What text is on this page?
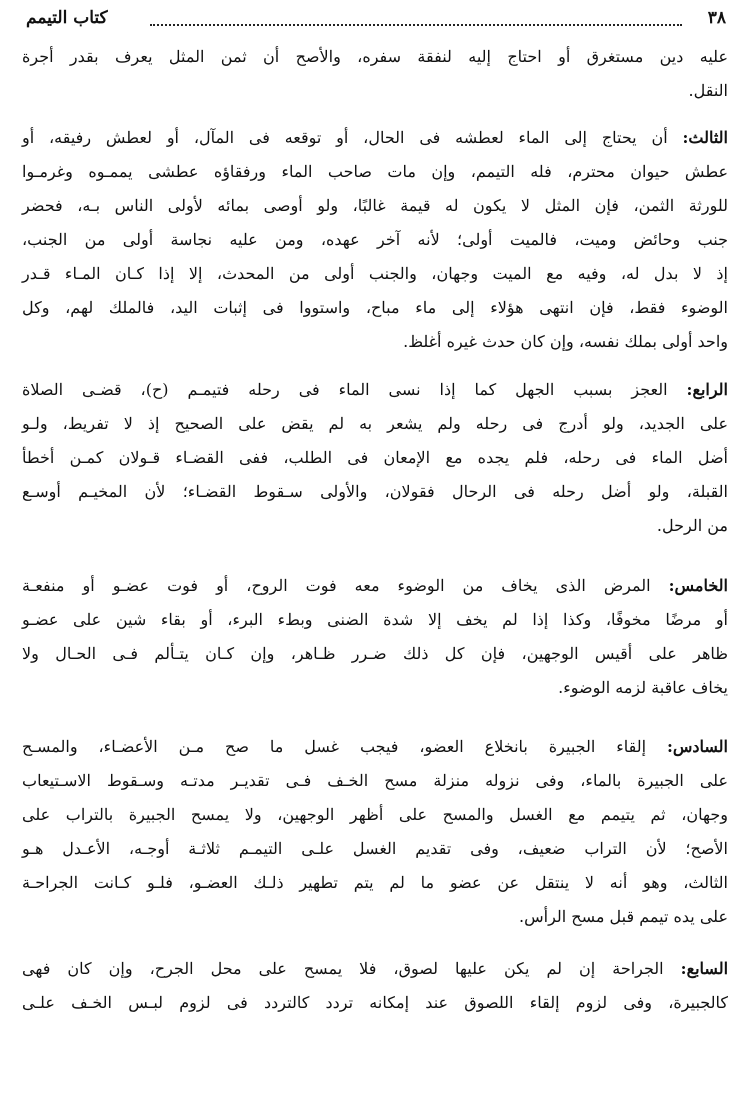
٣٨
كتاب التيمم
عليه دين مستغرق أو احتاج إليه لنفقة سفره، والأصح أن ثمن المثل يعرف بقدر أجرة
النقل.
الثالث: أن يحتاج إلى الماء لعطشه فى الحال، أو توقعه فى المآل، أو لعطش رفيقه، أو
عطش حيوان محترم، فله التيمم، وإن مات صاحب الماء ورفقاؤه عطشى يممـوه وغرمـوا
للورثة الثمن، فإن المثل لا يكون له قيمة غالبًا، ولو أوصى بمائه لأولى الناس بـه، فحضر
جنب وحائض وميت، فالميت أولى؛ لأنه آخر عهده، ومن عليه نجاسة أولى من الجنب،
إذ لا بدل له، وفيه مع الميت وجهان، والجنب أولى من المحدث، إلا إذا كـان المـاء قـدر
الوضوء فقط، فإن انتهى هؤلاء إلى ماء مباح، واستووا فى إثبات اليد، فالملك لهم، وكل
واحد أولى بملك نفسه، وإن كان حدث غيره أغلظ.
الرابع: العجز بسبب الجهل كما إذا نسى الماء فى رحله فتيمـم (ح)، قضـى الصلاة
على الجديد، ولو أدرج فى رحله ولم يشعر به لم يقض على الصحيح إذ لا تفريط، ولـو
أضل الماء فى رحله، فلم يجده مع الإمعان فى الطلب، ففى القضـاء قـولان كمـن أخطأ
القبلة، ولو أضل رحله فى الرحال فقولان، والأولى سـقوط القضـاء؛ لأن المخيـم أوسـع
من الرحل.
الخامس: المرض الذى يخاف من الوضوء معه فوت الروح، أو فوت عضـو أو منفعـة
أو مرضًا مخوفًا، وكذا إذا لم يخف إلا شدة الضنى وبطء البرء، أو بقاء شين على عضـو
ظاهر على أقيس الوجهين، فإن كل ذلك ضـرر ظـاهر، وإن كـان يتـألم فـى الحـال ولا
يخاف عاقبة لزمه الوضوء.
السادس: إلقاء الجبيرة بانخلاع العضو، فيجب غسل ما صح مـن الأعضـاء، والمسـح
على الجبيرة بالماء، وفى نزوله منزلة مسح الخـف فـى تقديـر مدتـه وسـقوط الاسـتيعاب
وجهان، ثم يتيمم مع الغسل والمسح على أظهر الوجهين، ولا يمسح الجبيرة بالتراب على
الأصح؛ لأن التراب ضعيف، وفى تقديم الغسل علـى التيمـم ثلاثـة أوجـه، الأعـدل هـو
الثالث، وهو أنه لا ينتقل عن عضو ما لم يتم تطهير ذلـك العضـو، فلـو كـانت الجراحـة
على يده تيمم قبل مسح الرأس.
السابع: الجراحة إن لم يكن عليها لصوق، فلا يمسح على محل الجرح، وإن كان فهى
كالجبيرة، وفى لزوم إلقاء اللصوق عند إمكانه تردد كالتردد فى لزوم لبـس الخـف علـى
